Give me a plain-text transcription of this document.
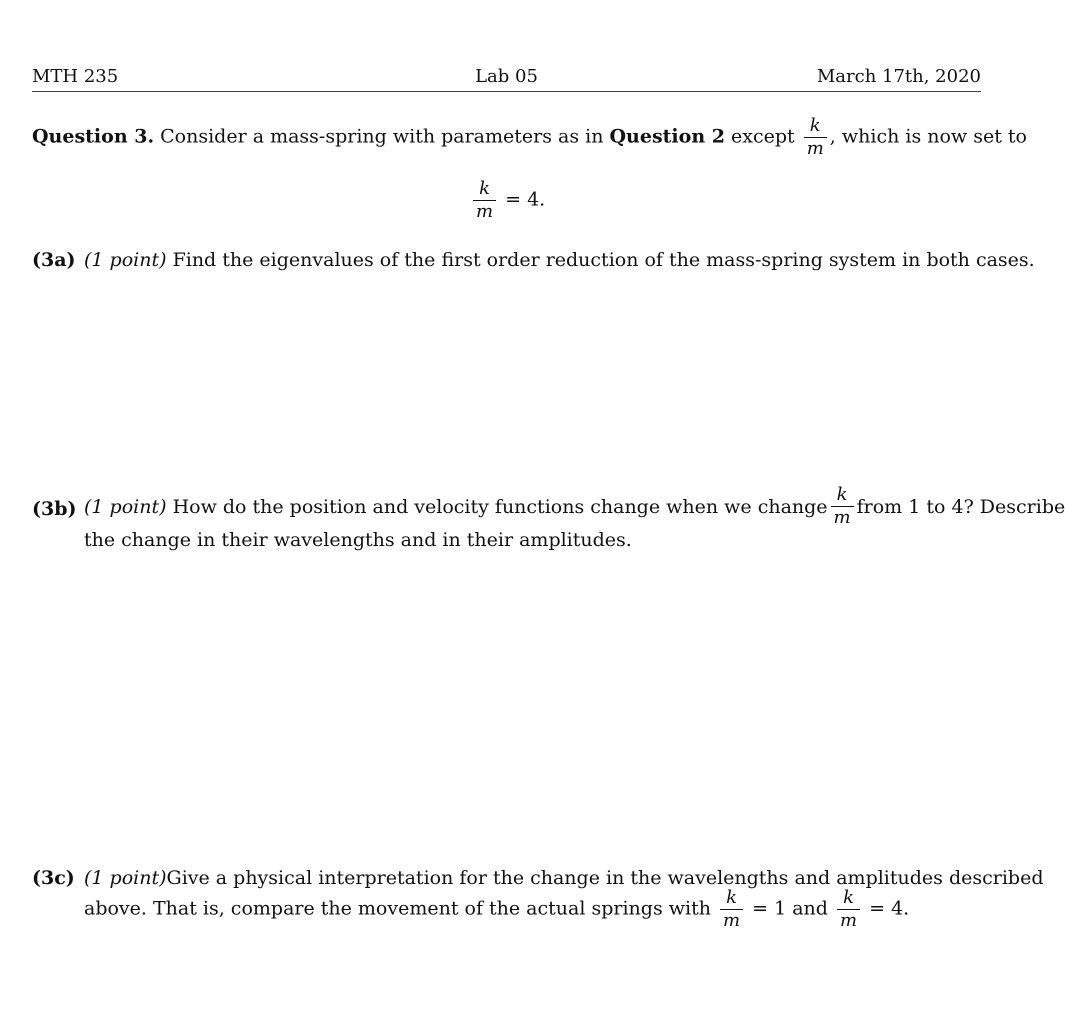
MTH 235	Lab 05	March 17th, 2020
Question 3. Consider a mass-spring with parameters as in Question 2 except $\frac{k}{m}$ , which is now set to
$\frac{k}{m} = 4$.
(3a) (1 point) Find the eigenvalues of the first order reduction of the mass-spring system in both cases.
(3b) (1 point) How do the position and velocity functions change when we change $\frac{k}{m}$ from 1 to 4? Describe
the change in their wavelengths and in their amplitudes.
(3c) (1 point) Give a physical interpretation for the change in the wavelengths and amplitudes described
above. That is, compare the movement of the actual springs with $\frac{k}{m} = 1$ and $\frac{k}{m} = 4$.
